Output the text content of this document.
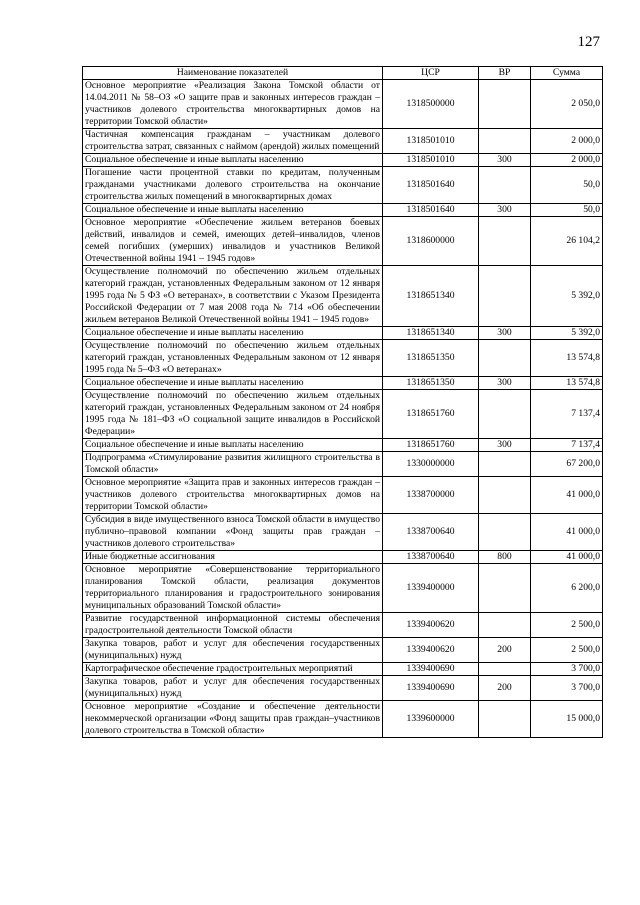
127
Наименование показателей	ЦСР	ВР	Сумма
Основное мероприятие «Реализация Закона Томской области от 14.04.2011 № 58–ОЗ «О защите прав и законных интересов граждан – участников долевого строительства многоквартирных домов на территории Томской области»	1318500000		2 050,0
Частичная компенсация гражданам – участникам долевого строительства затрат, связанных с наймом (арендой) жилых помещений	1318501010		2 000,0
Социальное обеспечение и иные выплаты населению	1318501010	300	2 000,0
Погашение части процентной ставки по кредитам, полученным гражданами участниками долевого строительства на окончание строительства жилых помещений в многоквартирных домах	1318501640		50,0
Социальное обеспечение и иные выплаты населению	1318501640	300	50,0
Основное мероприятие «Обеспечение жильем ветеранов боевых действий, инвалидов и семей, имеющих детей–инвалидов, членов семей погибших (умерших) инвалидов и участников Великой Отечественной войны 1941 – 1945 годов»	1318600000		26 104,2
Осуществление полномочий по обеспечению жильем отдельных категорий граждан, установленных Федеральным законом от 12 января 1995 года № 5 ФЗ «О ветеранах», в соответствии с Указом Президента Российской Федерации от 7 мая 2008 года № 714 «Об обеспечении жильем ветеранов Великой Отечественной войны 1941 – 1945 годов»	1318651340		5 392,0
Социальное обеспечение и иные выплаты населению	1318651340	300	5 392,0
Осуществление полномочий по обеспечению жильем отдельных категорий граждан, установленных Федеральным законом от 12 января 1995 года № 5–ФЗ «О ветеранах»	1318651350		13 574,8
Социальное обеспечение и иные выплаты населению	1318651350	300	13 574,8
Осуществление полномочий по обеспечению жильем отдельных категорий граждан, установленных Федеральным законом от 24 ноября 1995 года № 181–ФЗ «О социальной защите инвалидов в Российской Федерации»	1318651760		7 137,4
Социальное обеспечение и иные выплаты населению	1318651760	300	7 137,4
Подпрограмма «Стимулирование развития жилищного строительства в Томской области»	1330000000		67 200,0
Основное мероприятие «Защита прав и законных интересов граждан – участников долевого строительства многоквартирных домов на территории Томской области»	1338700000		41 000,0
Субсидия в виде имущественного взноса Томской области в имущество публично–правовой компании «Фонд защиты прав граждан – участников долевого строительства»	1338700640		41 000,0
Иные бюджетные ассигнования	1338700640	800	41 000,0
Основное мероприятие «Совершенствование территориального планирования Томской области, реализация документов территориального планирования и градостроительного зонирования муниципальных образований Томской области»	1339400000		6 200,0
Развитие государственной информационной системы обеспечения градостроительной деятельности Томской области	1339400620		2 500,0
Закупка товаров, работ и услуг для обеспечения государственных (муниципальных) нужд	1339400620	200	2 500,0
Картографическое обеспечение градостроительных мероприятий	1339400690		3 700,0
Закупка товаров, работ и услуг для обеспечения государственных (муниципальных) нужд	1339400690	200	3 700,0
Основное мероприятие «Создание и обеспечение деятельности некоммерческой организации «Фонд защиты прав граждан–участников долевого строительства в Томской области»	1339600000		15 000,0
